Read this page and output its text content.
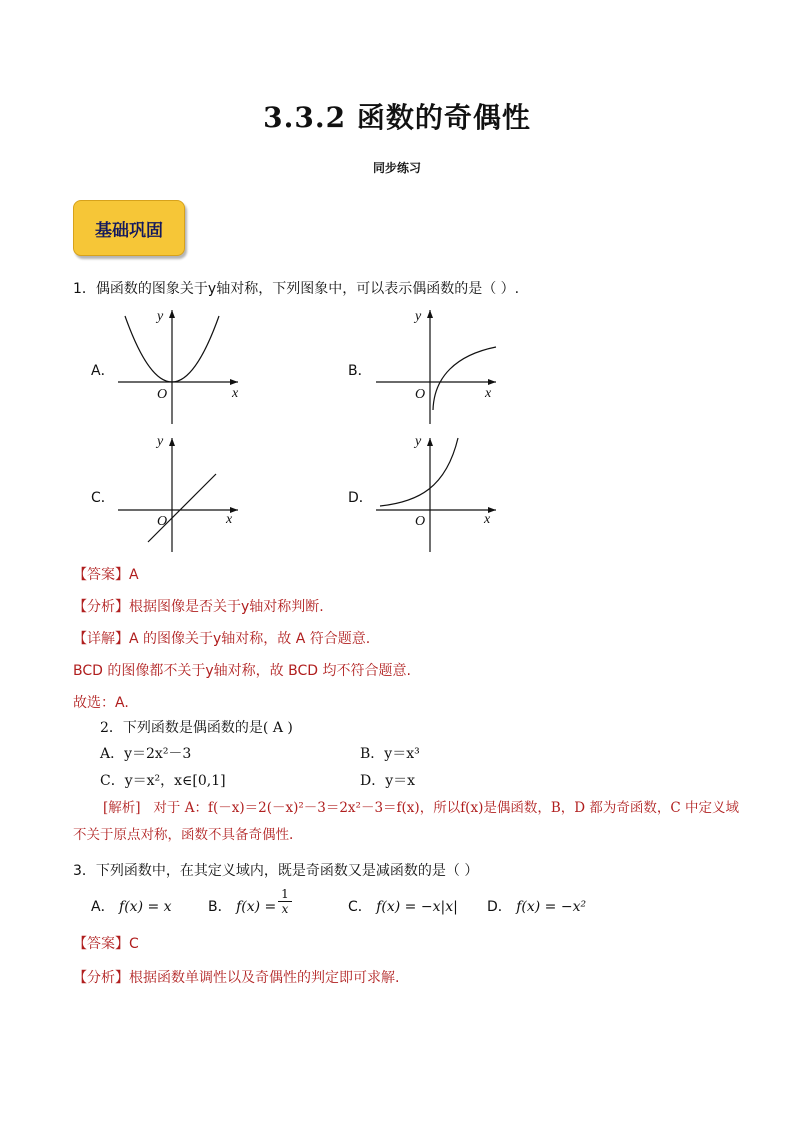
3.3.2 函数的奇偶性
同步练习
基础巩固
1．偶函数的图象关于y轴对称，下列图象中，可以表示偶函数的是（ ）.
A．	B．
C．	D．
x
y
O	x
y
O
x
y
O	x
y
O
【答案】A
【分析】根据图像是否关于y轴对称判断.
【详解】A 的图像关于y轴对称，故 A 符合题意.
BCD 的图像都不关于y轴对称，故 BCD 均不符合题意.
故选：A.
2．下列函数是偶函数的是( A )
A．y＝2x²－3	B．y＝x³
C．y＝x²，x∈[0,1]	D．y＝x
[解析] 对于 A：f(－x)＝2(－x)²－3＝2x²－3＝f(x)，所以f(x)是偶函数，B，D 都为奇函数，C 中定义域
不关于原点对称，函数不具备奇偶性.
3．下列函数中，在其定义域内，既是奇函数又是减函数的是（ ）
A． f(x) = x	B． $f(x) = \frac{1}{x}$	C． f(x) = −x|x| D． f(x) = −x²
【答案】C
【分析】根据函数单调性以及奇偶性的判定即可求解.
